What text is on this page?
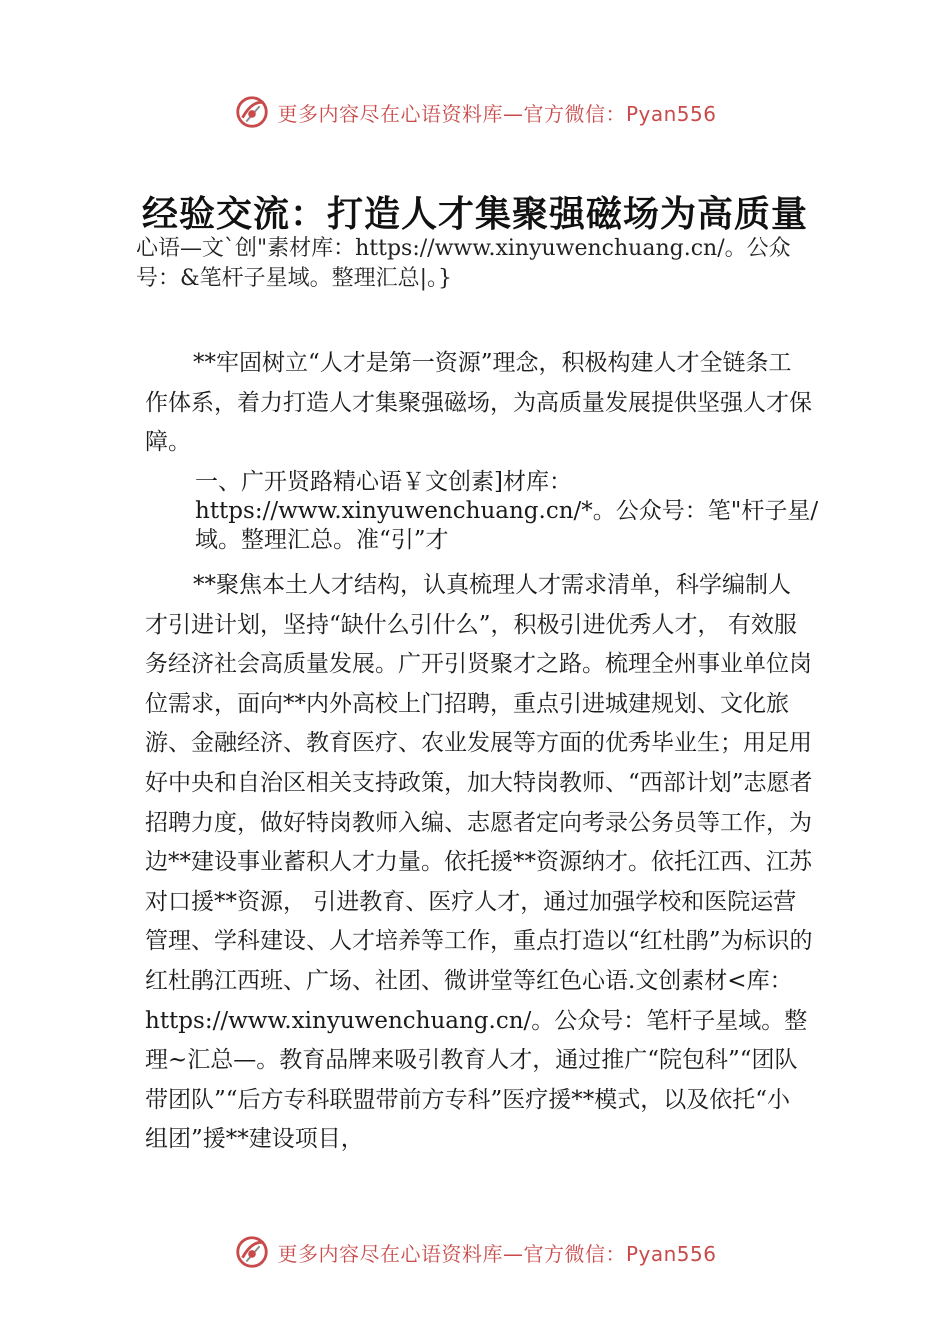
更多内容尽在心语资料库—官方微信：Pyan556
经验交流：打造人才集聚强磁场为高质量
心语—文`创"素材库：https://www.xinyuwenchuang.cn/。公众号：&笔杆子星域。整理汇总|。}
**牢固树立“人才是第一资源”理念，积极构建人才全链条工作体系，着力打造人才集聚强磁场，为高质量发展提供坚强人才保障。
一、广开贤路精心语￥文创素]材库：https://www.xinyuwenchuang.cn/*。公众号：笔"杆子星/域。整理汇总。准“引”才
**聚焦本土人才结构，认真梳理人才需求清单，科学编制人才引进计划，坚持“缺什么引什么”，积极引进优秀人才， 有效服务经济社会高质量发展。广开引贤聚才之路。梳理全州事业单位岗位需求，面向**内外高校上门招聘，重点引进城建规划、文化旅游、金融经济、教育医疗、农业发展等方面的优秀毕业生；用足用好中央和自治区相关支持政策，加大特岗教师、“西部计划”志愿者招聘力度，做好特岗教师入编、志愿者定向考录公务员等工作，为边**建设事业蓄积人才力量。依托援**资源纳才。依托江西、江苏对口援**资源， 引进教育、医疗人才，通过加强学校和医院运营管理、学科建设、人才培养等工作，重点打造以“红杜鹃”为标识的红杜鹃江西班、广场、社团、微讲堂等红色心语.文创素材<库：https://www.xinyuwenchuang.cn/。公众号：笔杆子星域。整理~汇总—。教育品牌来吸引教育人才，通过推广“院包科”“团队带团队”“后方专科联盟带前方专科”医疗援**模式，以及依托“小组团”援**建设项目，
更多内容尽在心语资料库—官方微信：Pyan556
